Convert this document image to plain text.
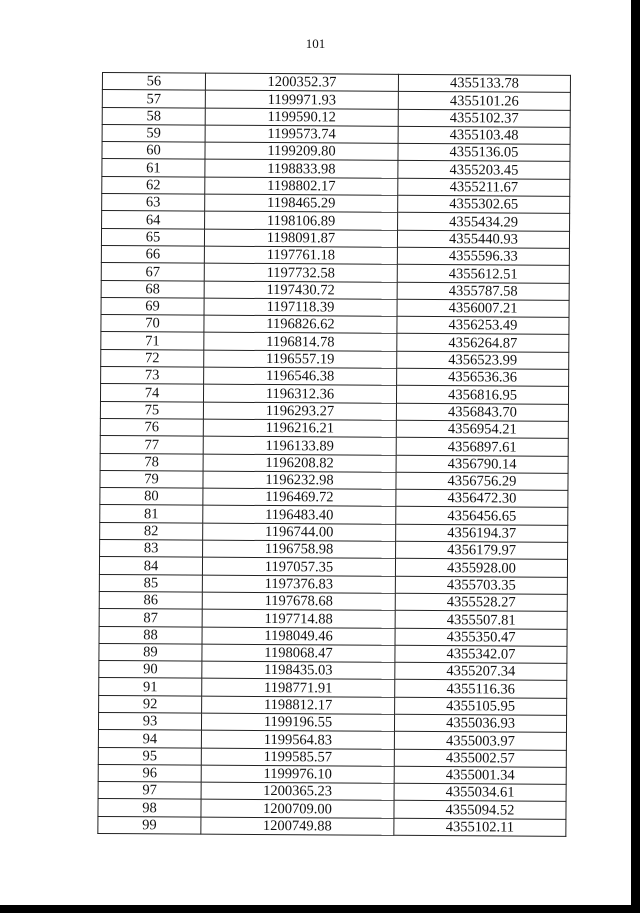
101
56	1200352.37	4355133.78
57	1199971.93	4355101.26
58	1199590.12	4355102.37
59	1199573.74	4355103.48
60	1199209.80	4355136.05
61	1198833.98	4355203.45
62	1198802.17	4355211.67
63	1198465.29	4355302.65
64	1198106.89	4355434.29
65	1198091.87	4355440.93
66	1197761.18	4355596.33
67	1197732.58	4355612.51
68	1197430.72	4355787.58
69	1197118.39	4356007.21
70	1196826.62	4356253.49
71	1196814.78	4356264.87
72	1196557.19	4356523.99
73	1196546.38	4356536.36
74	1196312.36	4356816.95
75	1196293.27	4356843.70
76	1196216.21	4356954.21
77	1196133.89	4356897.61
78	1196208.82	4356790.14
79	1196232.98	4356756.29
80	1196469.72	4356472.30
81	1196483.40	4356456.65
82	1196744.00	4356194.37
83	1196758.98	4356179.97
84	1197057.35	4355928.00
85	1197376.83	4355703.35
86	1197678.68	4355528.27
87	1197714.88	4355507.81
88	1198049.46	4355350.47
89	1198068.47	4355342.07
90	1198435.03	4355207.34
91	1198771.91	4355116.36
92	1198812.17	4355105.95
93	1199196.55	4355036.93
94	1199564.83	4355003.97
95	1199585.57	4355002.57
96	1199976.10	4355001.34
97	1200365.23	4355034.61
98	1200709.00	4355094.52
99	1200749.88	4355102.11
